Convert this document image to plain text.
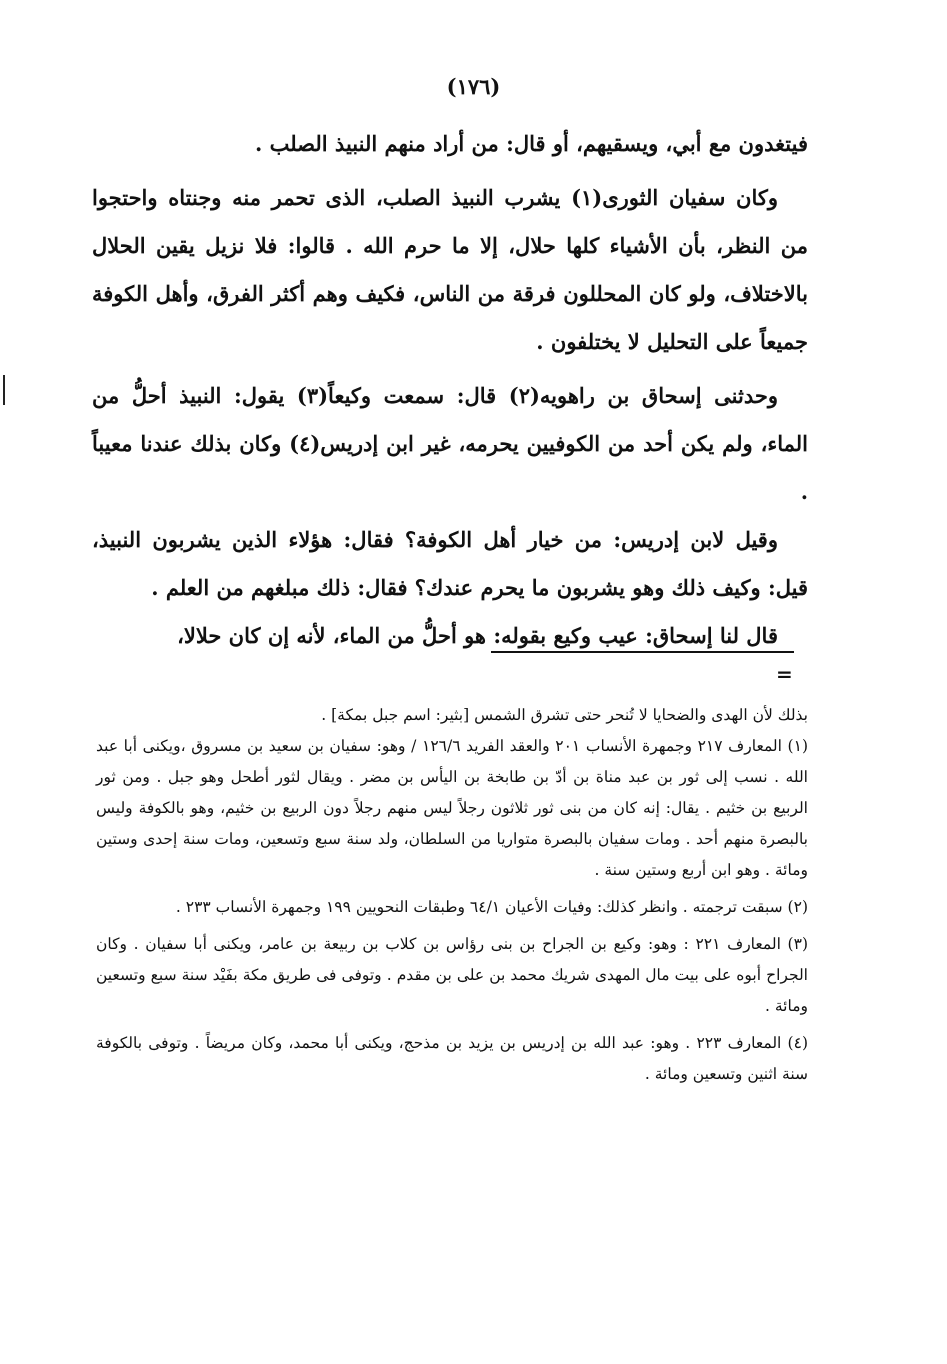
(١٧٦)

فيتغدون مع أبي، ويسقيهم، أو قال: من أراد منهم النبيذ الصلب .

وكان سفيان الثورى(١) يشرب النبيذ الصلب، الذى تحمر منه وجنتاه واحتجوا من النظر، بأن الأشياء كلها حلال، إلا ما حرم الله . قالوا: فلا نزيل يقين الحلال بالاختلاف، ولو كان المحللون فرقة من الناس، فكيف وهم أكثر الفرق، وأهل الكوفة جميعاً على التحليل لا يختلفون .

وحدثنى إسحاق بن راهويه(٢) قال: سمعت وكيعاً(٣) يقول: النبيذ أحلُّ من الماء، ولم يكن أحد من الكوفيين يحرمه، غير ابن إدريس(٤) وكان بذلك عندنا معيباً .

وقيل لابن إدريس: من خيار أهل الكوفة؟ فقال: هؤلاء الذين يشربون النبيذ، قيل: وكيف ذلك وهو يشربون ما يحرم عندك؟ فقال: ذلك مبلغهم من العلم .

قال لنا إسحاق: عيب وكيع بقوله: هو أحلُّ من الماء، لأنه إن كان حلالا،

=

بذلك لأن الهدى والضحايا لا تُنحر حتى تشرق الشمس [بثير: اسم جبل بمكة] .

(١) المعارف ٢١٧ وجمهرة الأنساب ٢٠١ والعقد الفريد ١٢٦/٦ / وهو: سفيان بن سعيد بن مسروق ،ويكنى أبا عبد الله . نسب إلى ثور بن عبد مناة بن أدّ بن طابخة بن اليأس بن مضر . ويقال لثور أطحل وهو جبل . ومن ثور الربيع بن خثيم . يقال: إنه كان من بنى ثور ثلاثون رجلاً ليس منهم رجلاً دون الربيع بن خثيم، وهو بالكوفة وليس بالبصرة منهم أحد . ومات سفيان بالبصرة متواريا من السلطان، ولد سنة سبع وتسعين، ومات سنة إحدى وستين ومائة . وهو ابن أربع وستين سنة .

(٢) سبقت ترجمته . وانظر كذلك: وفيات الأعيان ٦٤/١ وطبقات النحويين ١٩٩ وجمهرة الأنساب ٢٣٣ .

(٣) المعارف ٢٢١ : وهو: وكيع بن الجراح بن بنى رؤاس بن كلاب بن ربيعة بن عامر، ويكنى أبا سفيان . وكان الجراح أبوه على بيت مال المهدى شريك محمد بن على بن مقدم . وتوفى فى طريق مكة بفَيْد سنة سبع وتسعين ومائة .

(٤) المعارف ٢٢٣ . وهو: عبد الله بن إدريس بن يزيد بن مذحج، ويكنى أبا محمد، وكان مريضاً . وتوفى بالكوفة سنة اثنين وتسعين ومائة .
